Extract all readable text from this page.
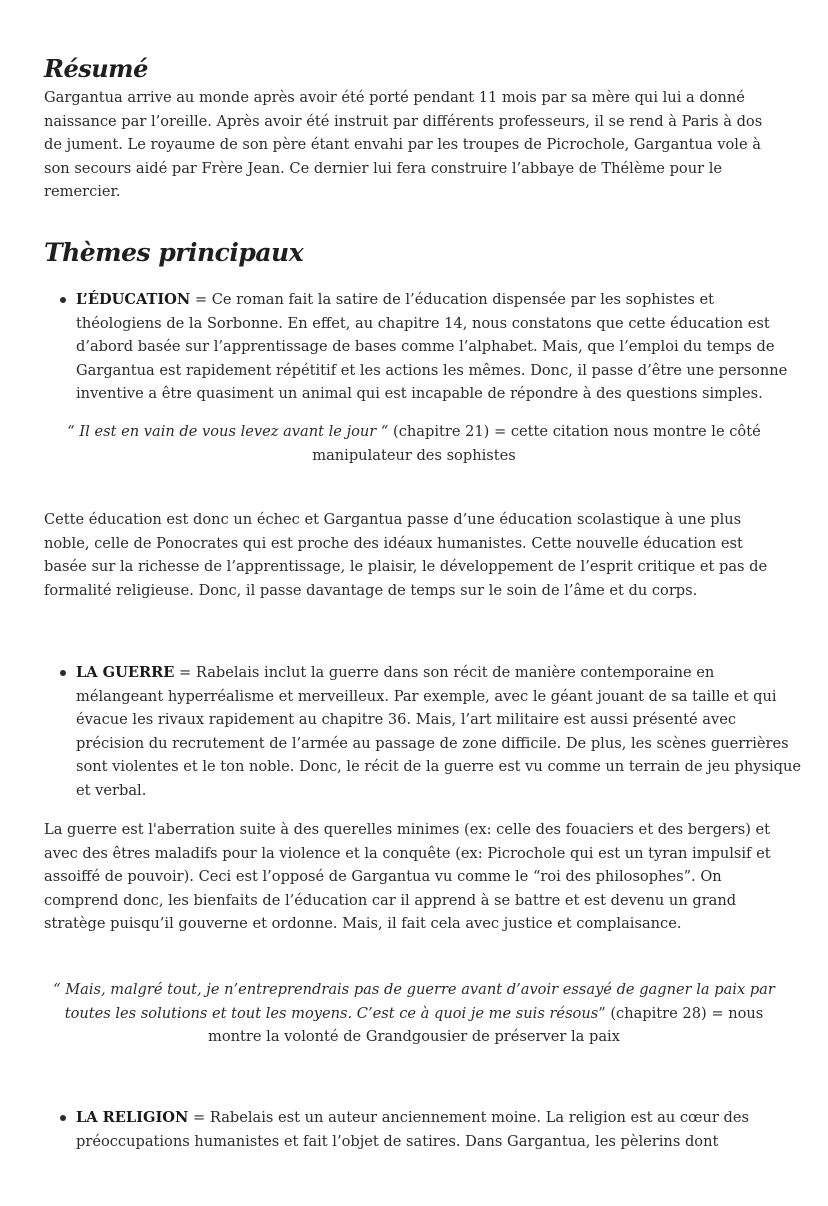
Résumé

Gargantua arrive au monde après avoir été porté pendant 11 mois par sa mère qui lui a donné naissance par l’oreille. Après avoir été instruit par différents professeurs, il se rend à Paris à dos de jument. Le royaume de son père étant envahi par les troupes de Picrochole, Gargantua vole à son secours aidé par Frère Jean. Ce dernier lui fera construire l’abbaye de Thélème pour le remercier.

Thèmes principaux
L’ÉDUCATION = Ce roman fait la satire de l’éducation dispensée par les sophistes et théologiens de la Sorbonne. En effet, au chapitre 14, nous constatons que cette éducation est d’abord basée sur l’apprentissage de bases comme l’alphabet. Mais, que l’emploi du temps de Gargantua est rapidement répétitif et les actions les mêmes. Donc, il passe d’être une personne inventive a être quasiment un animal qui est incapable de répondre à des questions simples.

“ Il est en vain de vous levez avant le jour “ (chapitre 21) = cette citation nous montre le côté manipulateur des sophistes

Cette éducation est donc un échec et Gargantua passe d’une éducation scolastique à une plus noble, celle de Ponocrates qui est proche des idéaux humanistes. Cette nouvelle éducation est basée sur la richesse de l’apprentissage, le plaisir, le développement de l’esprit critique et pas de formalité religieuse. Donc, il passe davantage de temps sur le soin de l’âme et du corps.

LA GUERRE = Rabelais inclut la guerre dans son récit de manière contemporaine en mélangeant hyperréalisme et merveilleux. Par exemple, avec le géant jouant de sa taille et qui évacue les rivaux rapidement au chapitre 36. Mais, l’art militaire est aussi présenté avec précision du recrutement de l’armée au passage de zone difficile. De plus, les scènes guerrières sont violentes et le ton noble. Donc, le récit de la guerre est vu comme un terrain de jeu physique et verbal.

La guerre est l'aberration suite à des querelles minimes (ex: celle des fouaciers et des bergers) et avec des êtres maladifs pour la violence et la conquête (ex: Picrochole qui est un tyran impulsif et assoiffé de pouvoir). Ceci est l’opposé de Gargantua vu comme le “roi des philosophes”. On comprend donc, les bienfaits de l’éducation car il apprend à se battre et est devenu un grand stratège puisqu’il gouverne et ordonne. Mais, il fait cela avec justice et complaisance.

“ Mais, malgré tout, je n’entreprendrais pas de guerre avant d’avoir essayé de gagner la paix par toutes les solutions et tout les moyens. C’est ce à quoi je me suis résous” (chapitre 28) = nous montre la volonté de Grandgousier de préserver la paix

LA RELIGION = Rabelais est un auteur anciennement moine. La religion est au cœur des préoccupations humanistes et fait l’objet de satires. Dans Gargantua, les pèlerins dont
